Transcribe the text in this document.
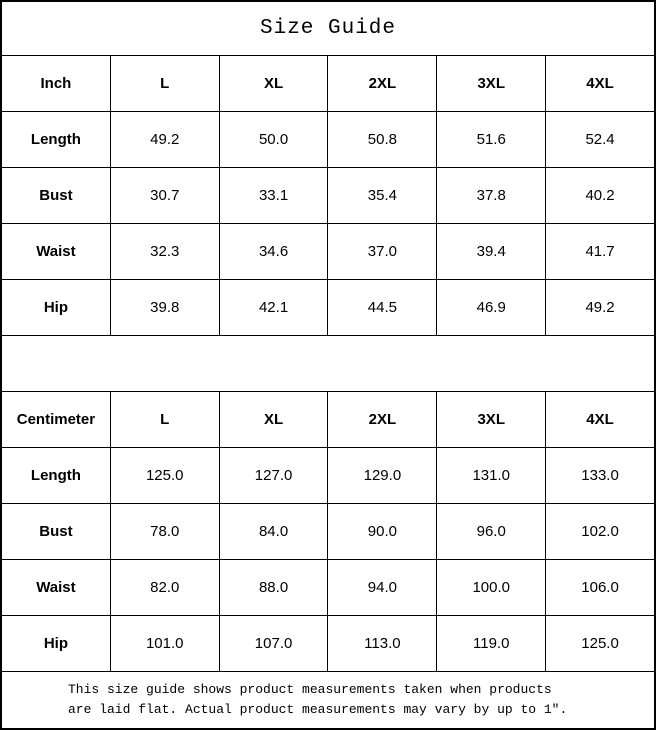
Size Guide
Inch	L	XL	2XL	3XL	4XL
Length	49.2	50.0	50.8	51.6	52.4
Bust	30.7	33.1	35.4	37.8	40.2
Waist	32.3	34.6	37.0	39.4	41.7
Hip	39.8	42.1	44.5	46.9	49.2
Centimeter	L	XL	2XL	3XL	4XL
Length	125.0	127.0	129.0	131.0	133.0
Bust	78.0	84.0	90.0	96.0	102.0
Waist	82.0	88.0	94.0	100.0	106.0
Hip	101.0	107.0	113.0	119.0	125.0
This size guide shows product measurements taken when products
are laid flat. Actual product measurements may vary by up to 1″.
